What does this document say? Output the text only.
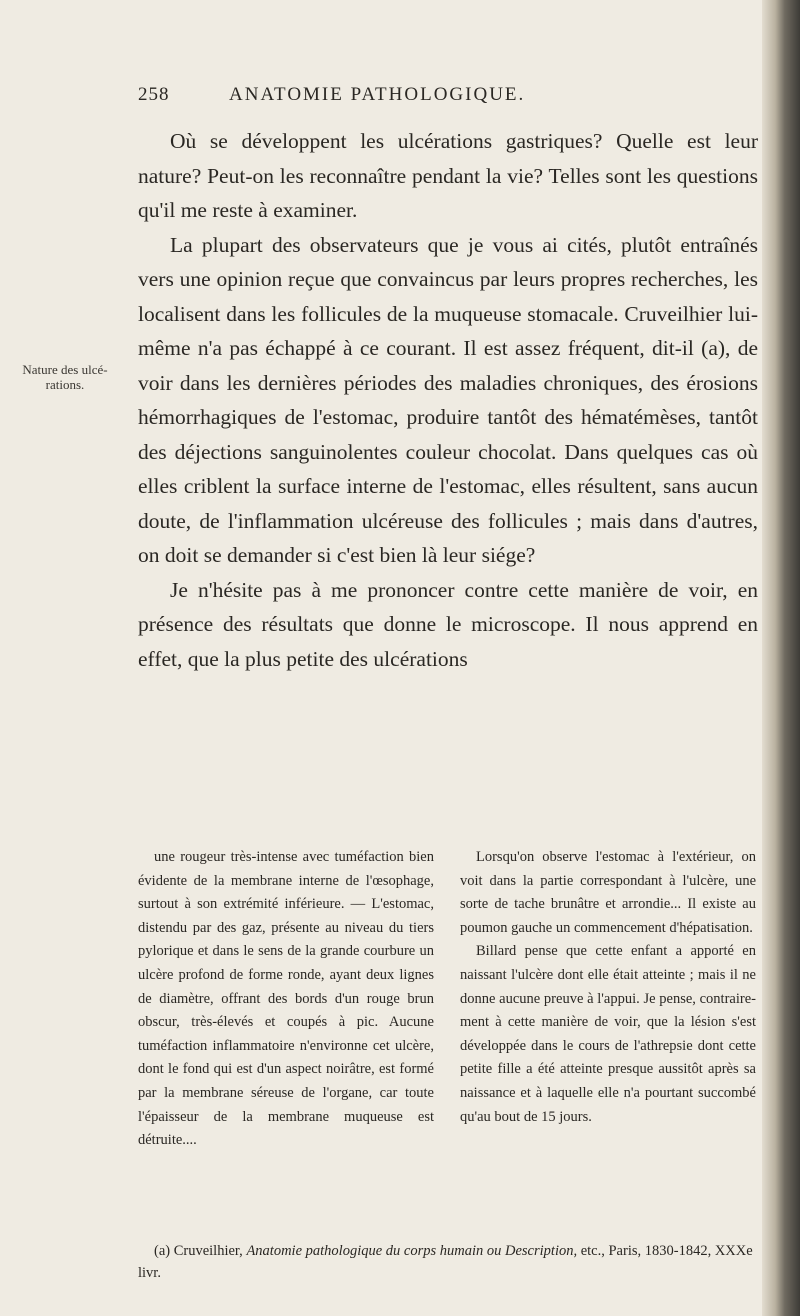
258	ANATOMIE PATHOLOGIQUE.
Nature des ulcérations.

Où se développent les ulcérations gastriques? Quelle est leur nature? Peut-on les reconnaître pendant la vie? Telles sont les questions qu'il me reste à examiner.

La plupart des observateurs que je vous ai cités, plutôt entraînés vers une opinion reçue que convaincus par leurs propres recherches, les localisent dans les follicules de la muqueuse stomacale. Cruveilhier lui-même n'a pas échappé à ce courant. Il est assez fréquent, dit-il (a), de voir dans les dernières périodes des maladies chroniques, des érosions hémorrhagiques de l'estomac, produire tantôt des hématémèses, tantôt des déjections sanguinolentes couleur chocolat. Dans quelques cas où elles criblent la surface interne de l'estomac, elles résultent, sans aucun doute, de l'inflammation ulcéreuse des follicules ; mais dans d'autres, on doit se demander si c'est bien là leur siége?

Je n'hésite pas à me prononcer contre cette manière de voir, en présence des résultats que donne le microscope. Il nous apprend en effet, que la plus petite des ulcérations

une rougeur très-intense avec tuméfaction bien évidente de la membrane interne de l'œsophage, surtout à son extrémité inférieure. — L'estomac, distendu par des gaz, présente au niveau du tiers pylorique et dans le sens de la grande courbure un ulcère profond de forme ronde, ayant deux lignes de diamètre, offrant des bords d'un rouge brun obscur, très-élevés et coupés à pic. Aucune tuméfaction inflammatoire n'environne cet ulcère, dont le fond qui est d'un aspect noirâtre, est formé par la membrane séreuse de l'organe, car toute l'épaisseur de la membrane muqueuse est détruite....

Lorsqu'on observe l'estomac à l'extérieur, on voit dans la partie correspondant à l'ulcère, une sorte de tache brunâtre et arrondie... Il existe au poumon gauche un commencement d'hépatisation.

Billard pense que cette enfant a apporté en naissant l'ulcère dont elle était atteinte ; mais il ne donne aucune preuve à l'appui. Je pense, contrairement à cette manière de voir, que la lésion s'est développée dans le cours de l'athrepsie dont cette petite fille a été atteinte presque aussitôt après sa naissance et à laquelle elle n'a pourtant succombé qu'au bout de 15 jours.

(a) Cruveilhier, Anatomie pathologique du corps humain ou Description, etc., Paris, 1830-1842, XXXe livr.
